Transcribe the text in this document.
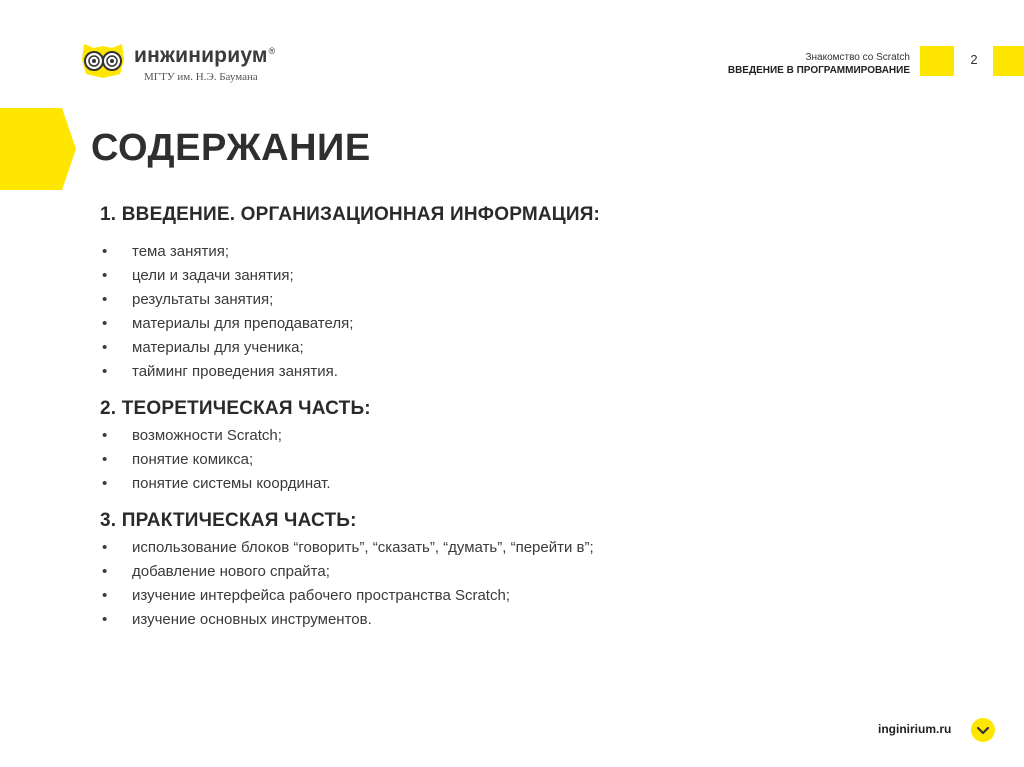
инжинириум®
МГТУ им. Н.Э. Баумана
Знакомство со Scratch
ВВЕДЕНИЕ В ПРОГРАММИРОВАНИЕ
2
СОДЕРЖАНИЕ
1. ВВЕДЕНИЕ. ОРГАНИЗАЦИОННАЯ ИНФОРМАЦИЯ:
• тема занятия;
• цели и задачи занятия;
• результаты занятия;
• материалы для преподавателя;
• материалы для ученика;
• тайминг проведения занятия.
2. ТЕОРЕТИЧЕСКАЯ ЧАСТЬ:
• возможности Scratch;
• понятие комикса;
• понятие системы координат.
3. ПРАКТИЧЕСКАЯ ЧАСТЬ:
• использование блоков “говорить”, “сказать”, “думать”, “перейти в”;
• добавление нового спрайта;
• изучение интерфейса рабочего пространства Scratch;
• изучение основных инструментов.
inginirium.ru
